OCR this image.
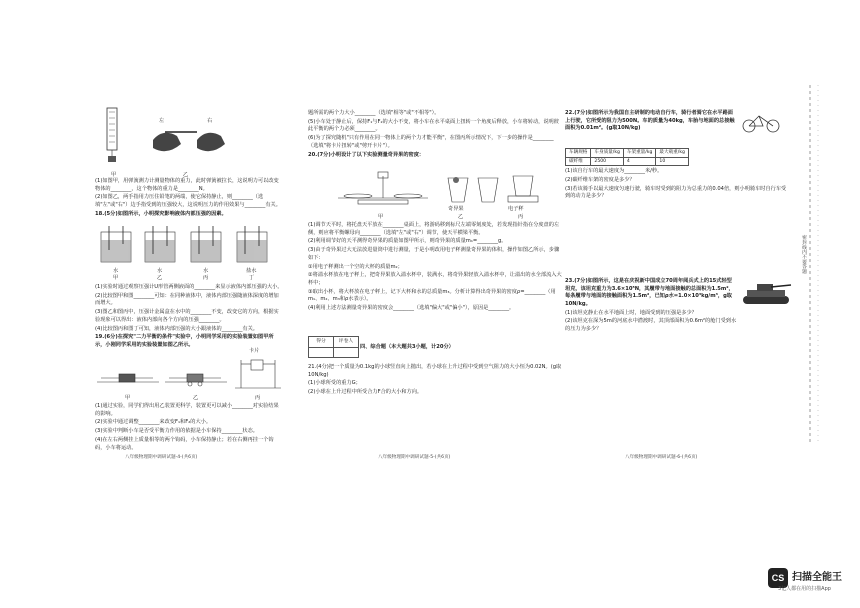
甲	乙
左	右

(1)如图甲，用弹簧测力计测量物体的重力，此时弹簧被拉长，这说明力可以改变物体的________，这个物体的重力是________N。

(2)如图乙，两手指用力压住铅笔的两端，使它保持静止，则________（选填"左"或"右"）边手指受到的压强较大，这说明压力的作用效果与________有关。

18.(5分)如图所示，小明探究影响液体内部压强的因素。

水	水	水	盐水
甲	乙	丙	丁

(1)实验时通过观察压强计U形管两侧液面的________来显示液体内部压强的大小。

(2)比较图甲和图________可知：在同种液体中，液体内部压强随液体深度的增加而增大。

(3)图乙和图丙中，压强计金属盒在水中的________不变，改变它的方向，根据实验现象可以得出：液体内部向各个方向的压强________。

(4)比较图丙和图丁可知，液体内部压强的大小跟液体的________有关。

19.(6分)在探究"二力平衡的条件"实验中，小明同学采用的实验装置如图甲所示，小刚同学采用的实验装置如图乙所示。

卡片
甲	乙	丙

(1)通过实验，同学们得出用乙装置更科学，装置更可以减小________对实验结果的影响。

(2)实验中通过调整________来改变F₁和F₂的大小。

(3)实验中判断小车是否受平衡力作用的依据是小车保持________状态。

(4)在左右两侧挂上质量相等的两个钩码，小车保持静止；若在右侧再挂一个钩码，小车将运动。

八年级物理期中调研试题-4-(共6页)

题所需的两个力大小________（选填"相等"或"不相等"）。

(5)小车处于静止后，保持F₁与F₂的大小不变，将小车在水平桌面上扭转一个角度后释放，小车将转动，说明彼此平衡的两个力必须________。

(6)为了探究随机"只有作用在同一物体上的两个力才能平衡"，在图丙所示情况下，下一步的操作是________（选填"将卡片扭转"或"剪开卡片"）。

20.(7分)小明设计了以下实验测量奇异果的密度：

奇异果	电子秤
甲	乙	丙

(1)调节天平时，将托盘天平放在________桌面上，将游码移到标尺左端零刻度处，若发现指针指在分度盘的左侧，则应将平衡螺母向________（选填"左"或"右"）调节，使天平横梁平衡。

(2)利用调节好的天平测得奇异果的质量如图甲所示，则奇异果的质量m₁=________g。

(3)由于奇异果过大无法放进量筒中进行测量，于是小明改用电子秤测量奇异果的体积，操作如图乙所示，步骤如下：

①用电子秤测出一个空的大杯的质量m₂；

②将溢水杯放在电子秤上，把奇异果放入溢水杯中，装满水，将奇异果轻放入溢水杯中，让溢出的水全部流入大杯中；

③取出小杯，将大杯放在电子秤上，记下大杯和水的总质量m₃。分析计算得出奇异果的密度ρ=________（用m₁、m₂、m₃和ρ水表示）。

(4)利用上述方法测量奇异果的密度会________（选填"偏大"或"偏小"），原因是________。

得分	评卷人

四、综合题（本大题共3小题，计20分）

21.(4分)把一个质量为0.1kg的小球竖直向上抛出，若小球在上升过程中受到空气阻力的大小恒为0.02N。(g取10N/kg)

(1)小球所受的重力G；

(2)小球在上升过程中所受合力F合的大小和方向。

八年级物理期中调研试题-5-(共6页)

22.(7分)如图所示为我国自主研制的电动自行车，骑行者骑它在水平路面上行驶，它所受的阻力为500N。车的质量为40kg，车胎与地面的总接触面积为0.01m²。(g取10N/kg)

车辆规格	车身质量/kg	车架重量/kg	最大载重/kg
碳纤维	2500	4	10

(1)该自行车的最大速度为________米/秒。

(2)碳纤维车架的密度是多少？

(3)若该骑手以最大速度匀速行驶，骑车时受到的阻力为总重力的0.04倍，则小明骑车时自行车受到的动力是多少？

23.(7分)如图所示，这是在庆祝新中国成立70周年阅兵式上的15式轻型坦克，该坦克重力为3.6×10⁵N，其履带与地面接触的总面积为1.5m²，每条履带与地面的接触面积为1.5m²，已知ρ水=1.0×10³kg/m³，g取10N/kg。

(1)该坦克静止在水平地面上时，地面受到的压强是多少？

(2)该坦克在深为5m的河底水中潜渡时，其顶部面积为0.6m²的舱门受到水的压力为多少？

八年级物理期中调研试题-6-(共6页)
密封线内不要答题
CS 扫描全能王
3亿人都在用的扫描App
